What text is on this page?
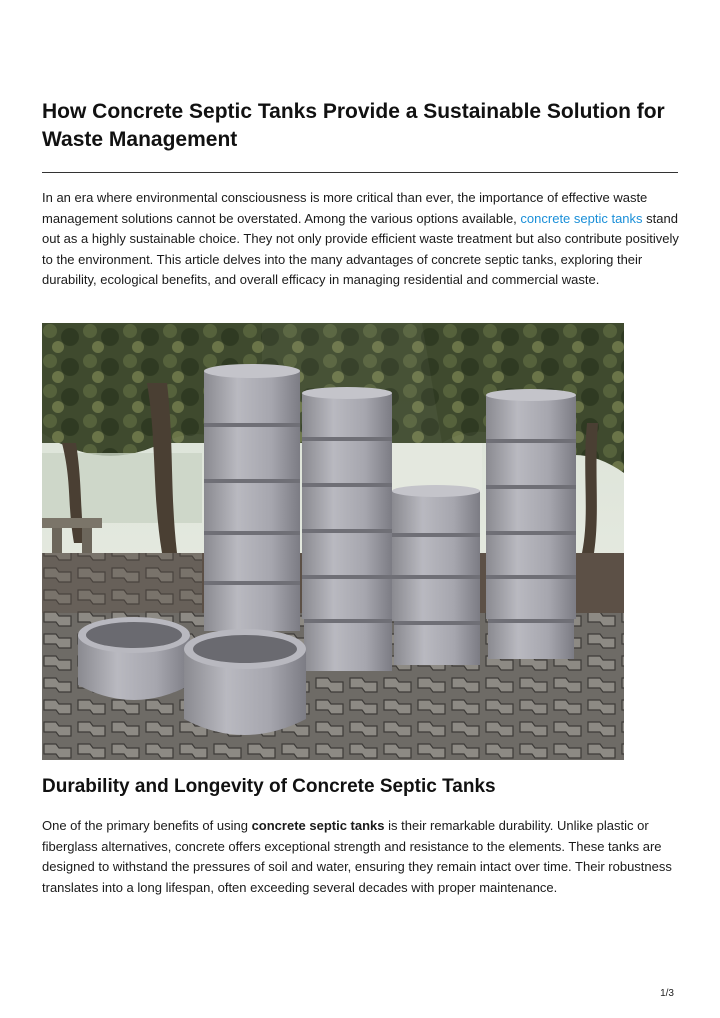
How Concrete Septic Tanks Provide a Sustainable Solution for Waste Management

In an era where environmental consciousness is more critical than ever, the importance of effective waste management solutions cannot be overstated. Among the various options available, concrete septic tanks stand out as a highly sustainable choice. They not only provide efficient waste treatment but also contribute positively to the environment. This article delves into the many advantages of concrete septic tanks, exploring their durability, ecological benefits, and overall efficacy in managing residential and commercial waste.

Durability and Longevity of Concrete Septic Tanks

One of the primary benefits of using concrete septic tanks is their remarkable durability. Unlike plastic or fiberglass alternatives, concrete offers exceptional strength and resistance to the elements. These tanks are designed to withstand the pressures of soil and water, ensuring they remain intact over time. Their robustness translates into a long lifespan, often exceeding several decades with proper maintenance.

1/3
